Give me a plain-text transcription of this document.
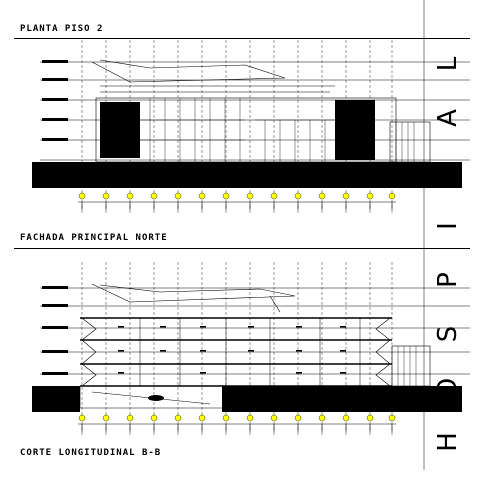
PLANTA PISO 2
FACHADA PRINCIPAL NORTE
CORTE LONGITUDINAL B-B
H
O
S
P
I
T
A
L
